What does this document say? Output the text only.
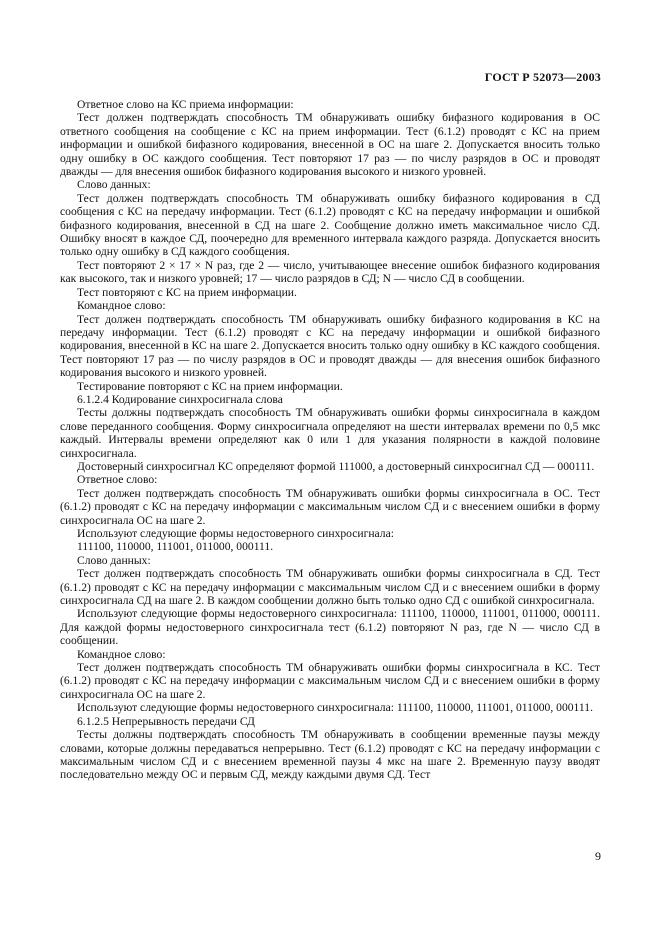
ГОСТ Р 52073—2003

Ответное слово на КС приема информации:

Тест должен подтверждать способность ТМ обнаруживать ошибку бифазного кодирования в ОС ответного сообщения на сообщение с КС на прием информации. Тест (6.1.2) проводят с КС на прием информации и ошибкой бифазного кодирования, внесенной в ОС на шаге 2. Допускается вносить только одну ошибку в ОС каждого сообщения. Тест повторяют 17 раз — по числу разрядов в ОС и проводят дважды — для внесения ошибок бифазного кодирования высокого и низкого уровней.

Слово данных:

Тест должен подтверждать способность ТМ обнаруживать ошибку бифазного кодирования в СД сообщения с КС на передачу информации. Тест (6.1.2) проводят с КС на передачу информации и ошибкой бифазного кодирования, внесенной в СД на шаге 2. Сообщение должно иметь максимальное число СД. Ошибку вносят в каждое СД, поочередно для временного интервала каждого разряда. Допускается вносить только одну ошибку в СД каждого сообщения.

Тест повторяют 2 × 17 × N раз, где 2 — число, учитывающее внесение ошибок бифазного кодирования как высокого, так и низкого уровней; 17 — число разрядов в СД; N — число СД в сообщении.

Тест повторяют с КС на прием информации.

Командное слово:

Тест должен подтверждать способность ТМ обнаруживать ошибку бифазного кодирования в КС на передачу информации. Тест (6.1.2) проводят с КС на передачу информации и ошибкой бифазного кодирования, внесенной в КС на шаге 2. Допускается вносить только одну ошибку в КС каждого сообщения. Тест повторяют 17 раз — по числу разрядов в ОС и проводят дважды — для внесения ошибок бифазного кодирования высокого и низкого уровней.

Тестирование повторяют с КС на прием информации.

6.1.2.4 Кодирование синхросигнала слова

Тесты должны подтверждать способность ТМ обнаруживать ошибки формы синхросигнала в каждом слове переданного сообщения. Форму синхросигнала определяют на шести интервалах времени по 0,5 мкс каждый. Интервалы времени определяют как 0 или 1 для указания полярности в каждой половине синхросигнала.

Достоверный синхросигнал КС определяют формой 111000, а достоверный синхросигнал СД — 000111.

Ответное слово:

Тест должен подтверждать способность ТМ обнаруживать ошибки формы синхросигнала в ОС. Тест (6.1.2) проводят с КС на передачу информации с максимальным числом СД и с внесением ошибки в форму синхросигнала ОС на шаге 2.

Используют следующие формы недостоверного синхросигнала:

111100, 110000, 111001, 011000, 000111.

Слово данных:

Тест должен подтверждать способность ТМ обнаруживать ошибки формы синхросигнала в СД. Тест (6.1.2) проводят с КС на передачу информации с максимальным числом СД и с внесением ошибки в форму синхросигнала СД на шаге 2. В каждом сообщении должно быть только одно СД с ошибкой синхросигнала.

Используют следующие формы недостоверного синхросигнала: 111100, 110000, 111001, 011000, 000111. Для каждой формы недостоверного синхросигнала тест (6.1.2) повторяют N раз, где N — число СД в сообщении.

Командное слово:

Тест должен подтверждать способность ТМ обнаруживать ошибки формы синхросигнала в КС. Тест (6.1.2) проводят с КС на передачу информации с максимальным числом СД и с внесением ошибки в форму синхросигнала ОС на шаге 2.

Используют следующие формы недостоверного синхросигнала: 111100, 110000, 111001, 011000, 000111.

6.1.2.5 Непрерывность передачи СД

Тесты должны подтверждать способность ТМ обнаруживать в сообщении временные паузы между словами, которые должны передаваться непрерывно. Тест (6.1.2) проводят с КС на передачу информации с максимальным числом СД и с внесением временной паузы 4 мкс на шаге 2. Временную паузу вводят последовательно между ОС и первым СД, между каждыми двумя СД. Тест

9
